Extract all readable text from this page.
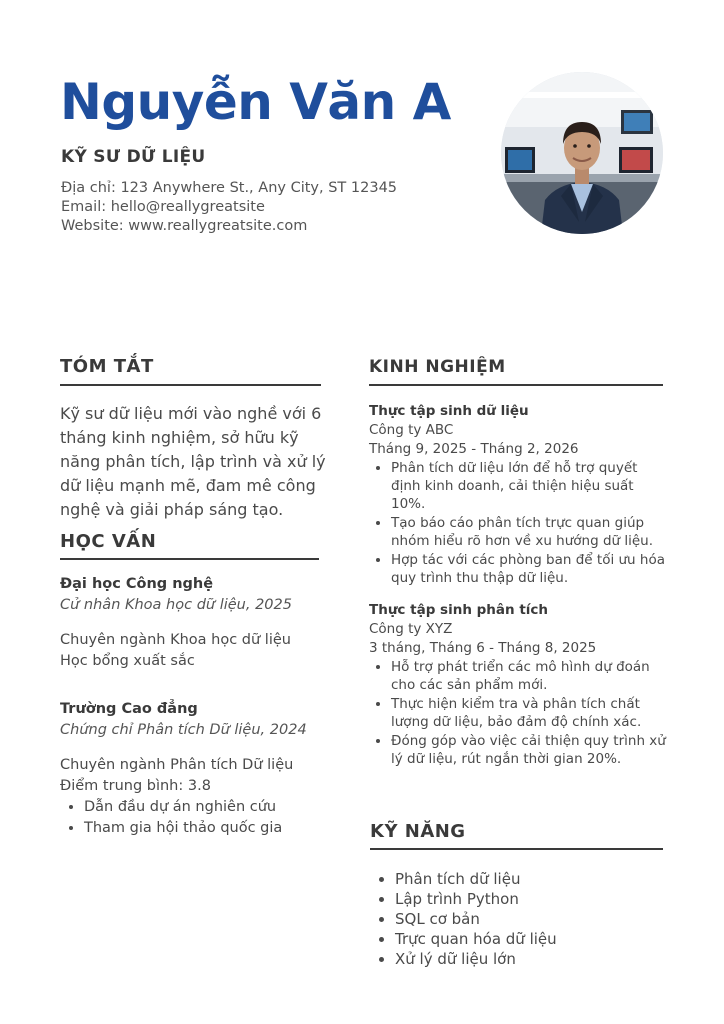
Nguyễn Văn A
KỸ SƯ DỮ LIỆU
Địa chỉ: 123 Anywhere St., Any City, ST 12345
Email: hello@reallygreatsite
Website: www.reallygreatsite.com
TÓM TẮT
Kỹ sư dữ liệu mới vào nghề với 6 tháng kinh nghiệm, sở hữu kỹ năng phân tích, lập trình và xử lý dữ liệu mạnh mẽ, đam mê công nghệ và giải pháp sáng tạo.
HỌC VẤN
Đại học Công nghệ
Cử nhân Khoa học dữ liệu, 2025
Chuyên ngành Khoa học dữ liệu
Học bổng xuất sắc
Trường Cao đẳng
Chứng chỉ Phân tích Dữ liệu, 2024
Chuyên ngành Phân tích Dữ liệu
Điểm trung bình: 3.8
• Dẫn đầu dự án nghiên cứu
• Tham gia hội thảo quốc gia
KINH NGHIỆM
Thực tập sinh dữ liệu
Công ty ABC
Tháng 9, 2025 - Tháng 2, 2026
• Phân tích dữ liệu lớn để hỗ trợ quyết định kinh doanh, cải thiện hiệu suất 10%.
• Tạo báo cáo phân tích trực quan giúp nhóm hiểu rõ hơn về xu hướng dữ liệu.
• Hợp tác với các phòng ban để tối ưu hóa quy trình thu thập dữ liệu.
Thực tập sinh phân tích
Công ty XYZ
3 tháng, Tháng 6 - Tháng 8, 2025
• Hỗ trợ phát triển các mô hình dự đoán cho các sản phẩm mới.
• Thực hiện kiểm tra và phân tích chất lượng dữ liệu, bảo đảm độ chính xác.
• Đóng góp vào việc cải thiện quy trình xử lý dữ liệu, rút ngắn thời gian 20%.
KỸ NĂNG
• Phân tích dữ liệu
• Lập trình Python
• SQL cơ bản
• Trực quan hóa dữ liệu
• Xử lý dữ liệu lớn
